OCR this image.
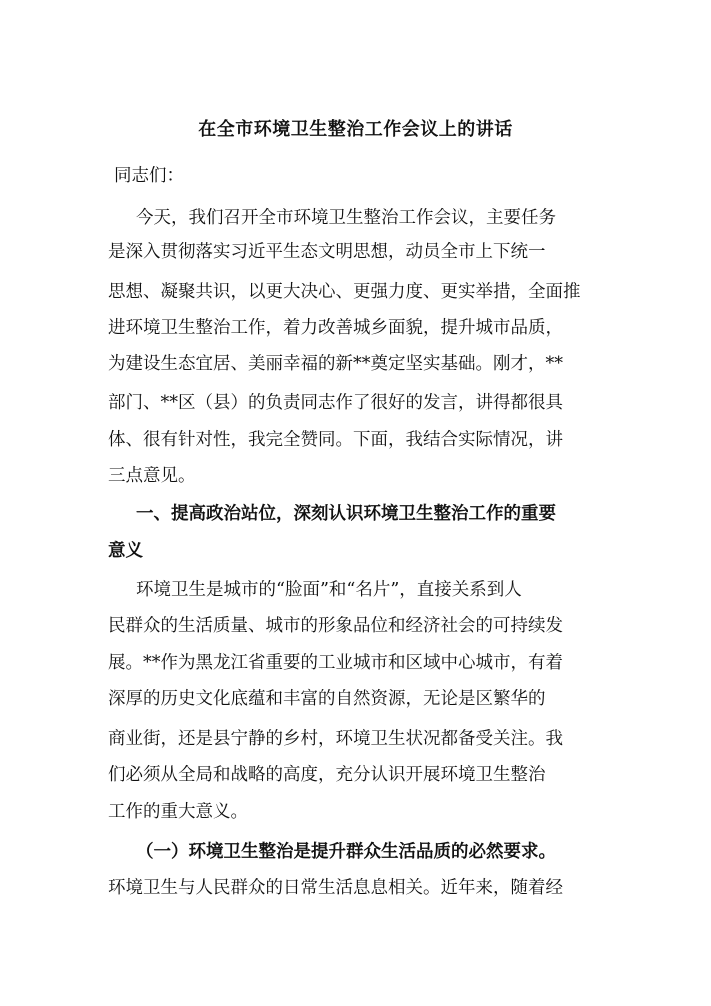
在全市环境卫生整治工作会议上的讲话
同志们：
今天，我们召开全市环境卫生整治工作会议，主要任务
是深入贯彻落实习近平生态文明思想，动员全市上下统一
思想、凝聚共识，以更大决心、更强力度、更实举措，全面推
进环境卫生整治工作，着力改善城乡面貌，提升城市品质，
为建设生态宜居、美丽幸福的新**奠定坚实基础。刚才，**
部门、**区（县）的负责同志作了很好的发言，讲得都很具
体、很有针对性，我完全赞同。下面，我结合实际情况，讲
三点意见。
一、提高政治站位，深刻认识环境卫生整治工作的重要
意义
环境卫生是城市的“脸面”和“名片”，直接关系到人
民群众的生活质量、城市的形象品位和经济社会的可持续发
展。**作为黑龙江省重要的工业城市和区域中心城市，有着
深厚的历史文化底蕴和丰富的自然资源，无论是区繁华的
商业街，还是县宁静的乡村，环境卫生状况都备受关注。我
们必须从全局和战略的高度，充分认识开展环境卫生整治
工作的重大意义。
（一）环境卫生整治是提升群众生活品质的必然要求。
环境卫生与人民群众的日常生活息息相关。近年来，随着经
